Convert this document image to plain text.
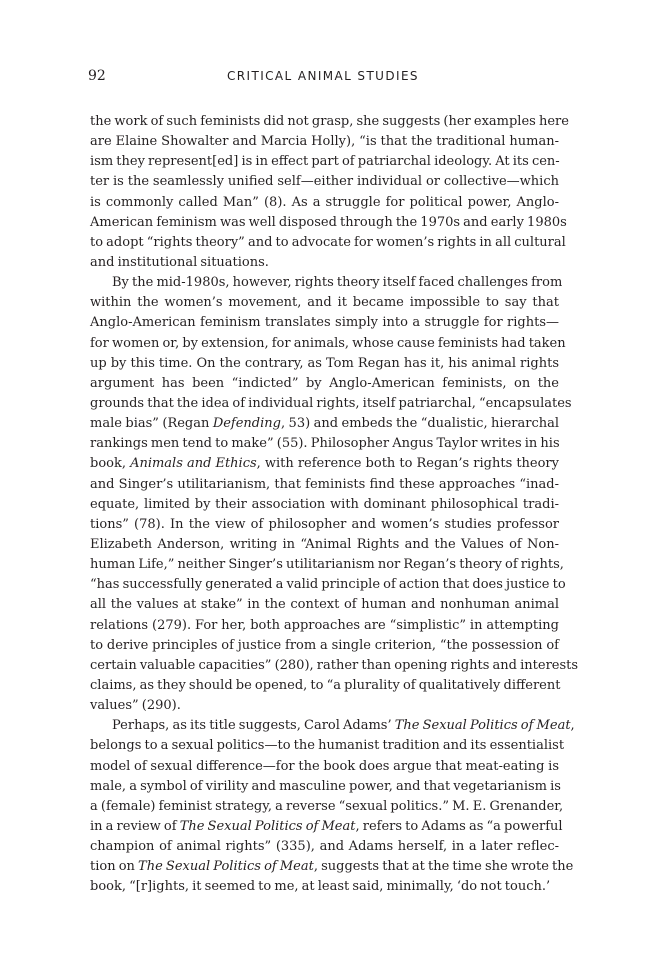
92	CRITICAL ANIMAL STUDIES
the work of such feminists did not grasp, she suggests (her examples here
are Elaine Showalter and Marcia Holly), “is that the traditional human-
ism they represent[ed] is in effect part of patriarchal ideology. At its cen-
ter is the seamlessly unified self—either individual or collective—which
is commonly called Man” (8). As a struggle for political power, Anglo-
American feminism was well disposed through the 1970s and early 1980s
to adopt “rights theory” and to advocate for women’s rights in all cultural
and institutional situations.
By the mid-1980s, however, rights theory itself faced challenges from
within the women’s movement, and it became impossible to say that
Anglo-American feminism translates simply into a struggle for rights—
for women or, by extension, for animals, whose cause feminists had taken
up by this time. On the contrary, as Tom Regan has it, his animal rights
argument has been “indicted” by Anglo-American feminists, on the
grounds that the idea of individual rights, itself patriarchal, “encapsulates
male bias” (Regan Defending, 53) and embeds the “dualistic, hierarchal
rankings men tend to make” (55). Philosopher Angus Taylor writes in his
book, Animals and Ethics, with reference both to Regan’s rights theory
and Singer’s utilitarianism, that feminists find these approaches “inad-
equate, limited by their association with dominant philosophical tradi-
tions” (78). In the view of philosopher and women’s studies professor
Elizabeth Anderson, writing in “Animal Rights and the Values of Non-
human Life,” neither Singer’s utilitarianism nor Regan’s theory of rights,
“has successfully generated a valid principle of action that does justice to
all the values at stake” in the context of human and nonhuman animal
relations (279). For her, both approaches are “simplistic” in attempting
to derive principles of justice from a single criterion, “the possession of
certain valuable capacities” (280), rather than opening rights and interests
claims, as they should be opened, to “a plurality of qualitatively different
values” (290).
Perhaps, as its title suggests, Carol Adams’ The Sexual Politics of Meat,
belongs to a sexual politics—to the humanist tradition and its essentialist
model of sexual difference—for the book does argue that meat-eating is
male, a symbol of virility and masculine power, and that vegetarianism is
a (female) feminist strategy, a reverse “sexual politics.” M. E. Grenander,
in a review of The Sexual Politics of Meat, refers to Adams as “a powerful
champion of animal rights” (335), and Adams herself, in a later reflec-
tion on The Sexual Politics of Meat, suggests that at the time she wrote the
book, “[r]ights, it seemed to me, at least said, minimally, ‘do not touch.’
